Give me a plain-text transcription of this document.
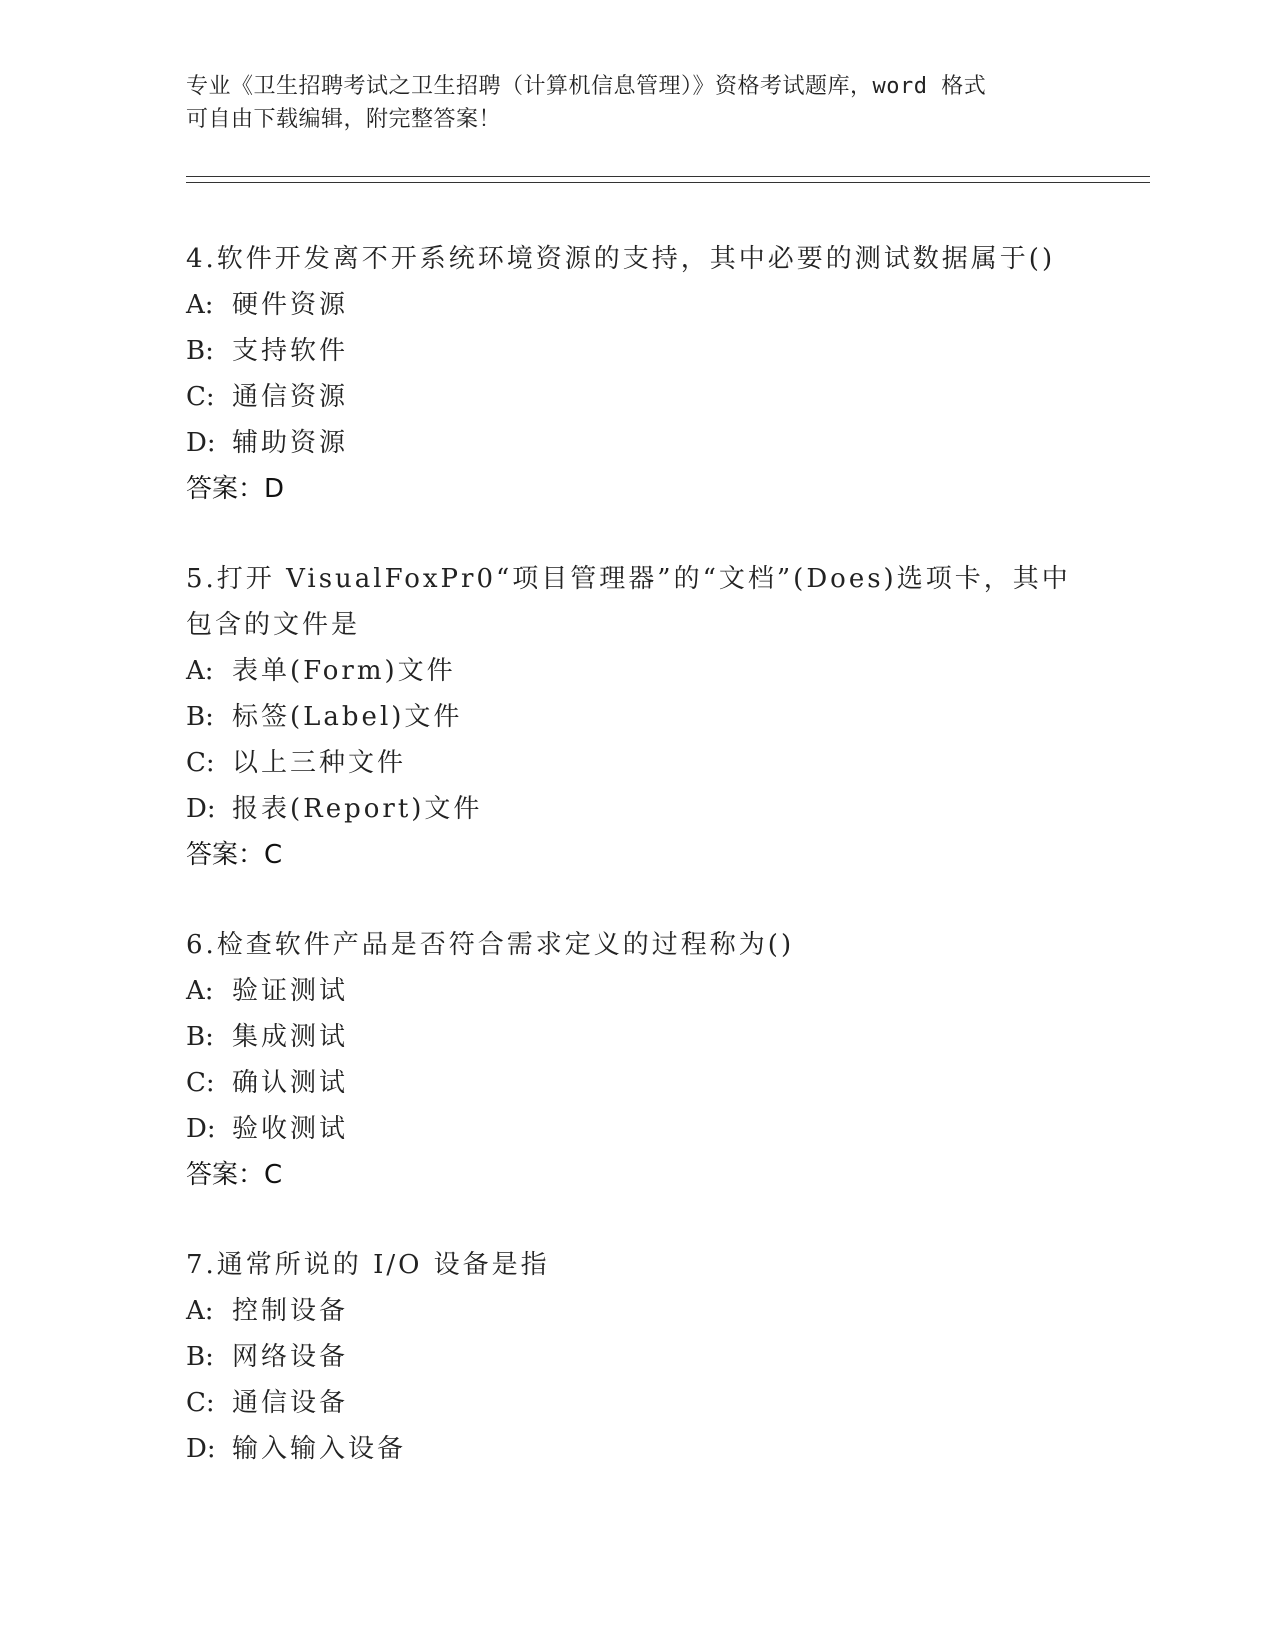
专业《卫生招聘考试之卫生招聘（计算机信息管理）》资格考试题库，word 格式
可自由下载编辑，附完整答案！
4.软件开发离不开系统环境资源的支持，其中必要的测试数据属于()
A: 硬件资源
B: 支持软件
C: 通信资源
D: 辅助资源
答案：D
5.打开 VisualFoxPr0“项目管理器”的“文档”(Does)选项卡，其中包含的文件是
A: 表单(Form)文件
B: 标签(Label)文件
C: 以上三种文件
D: 报表(Report)文件
答案：C
6.检查软件产品是否符合需求定义的过程称为()
A: 验证测试
B: 集成测试
C: 确认测试
D: 验收测试
答案：C
7.通常所说的 I/O 设备是指
A: 控制设备
B: 网络设备
C: 通信设备
D: 输入输入设备
